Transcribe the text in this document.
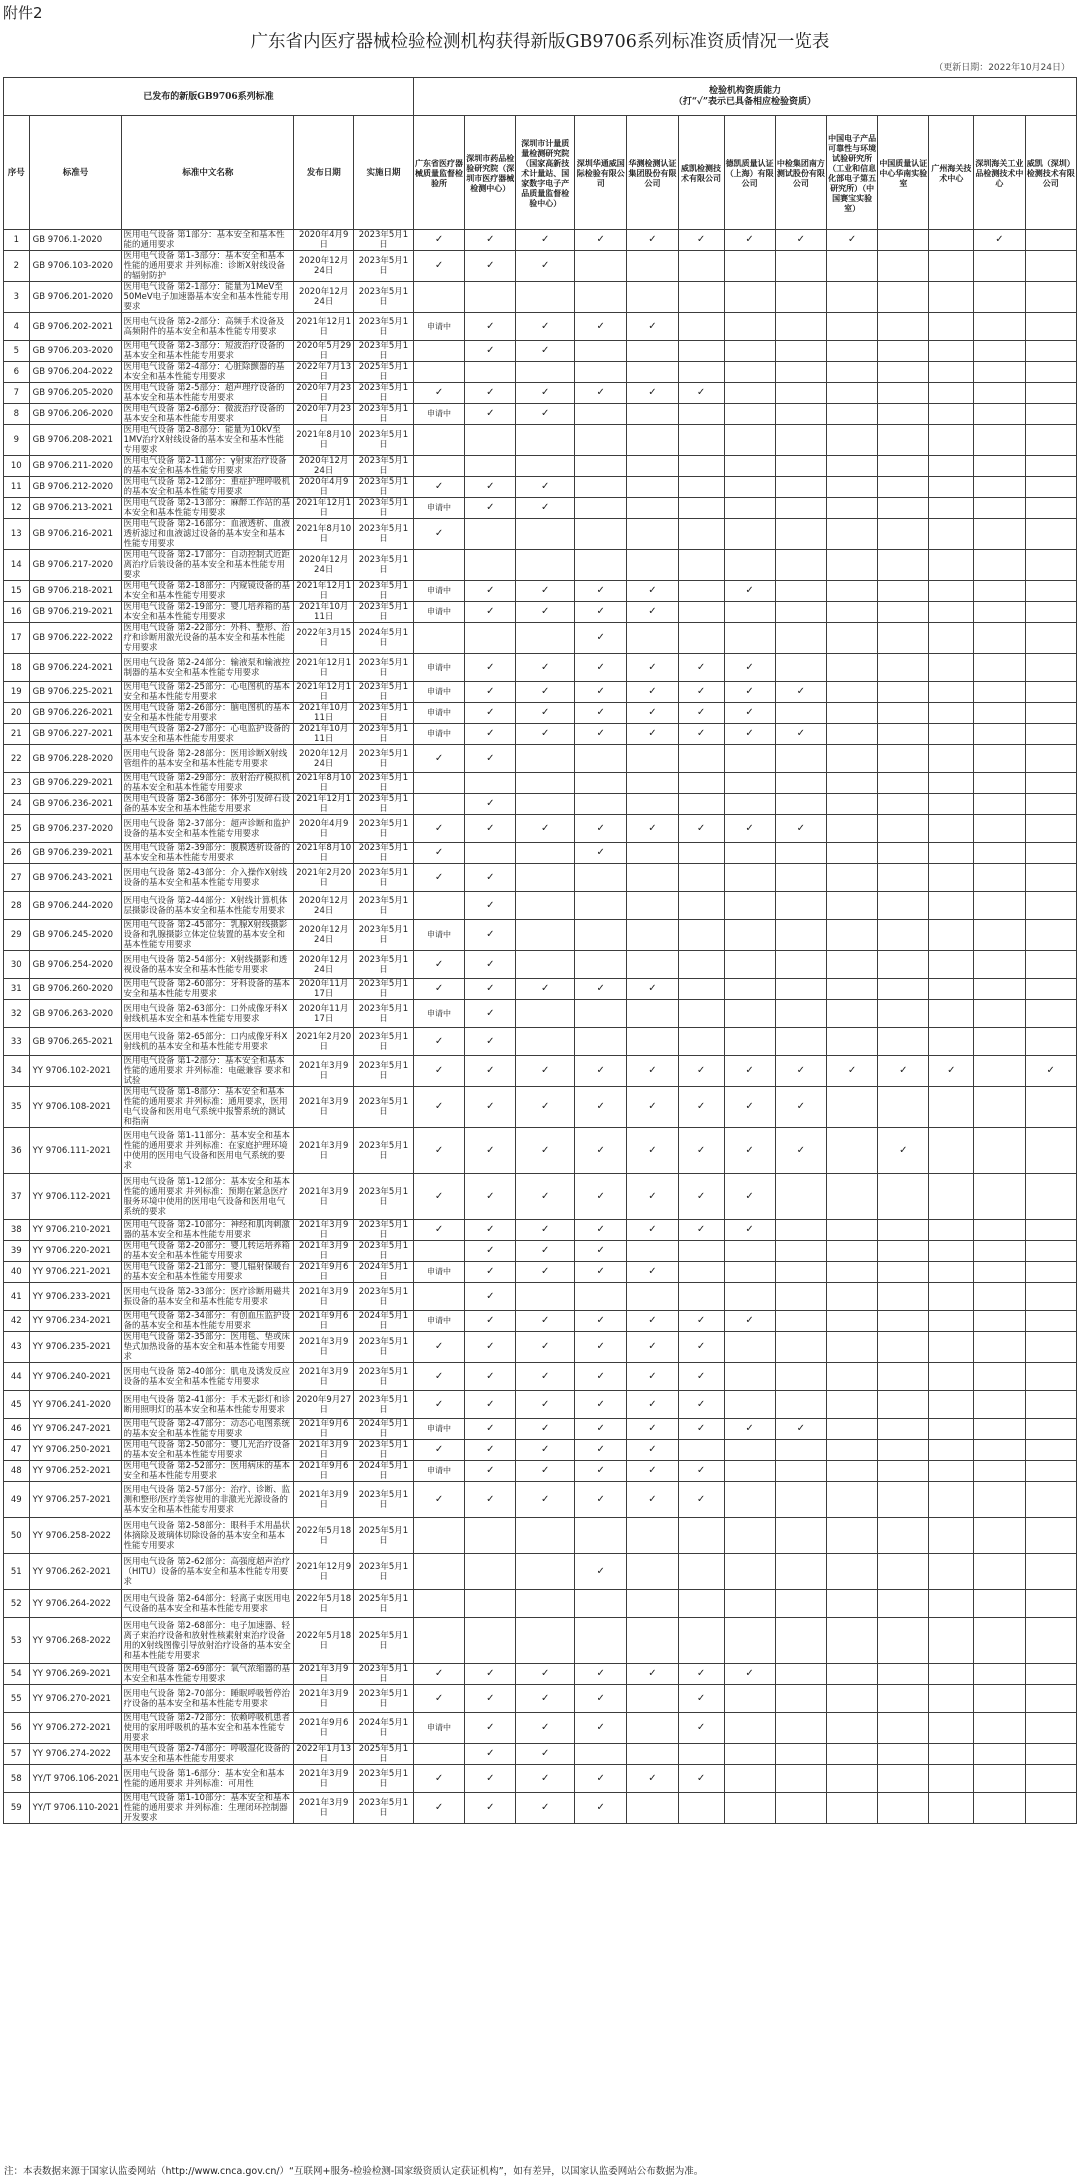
附件2
广东省内医疗器械检验检测机构获得新版GB9706系列标准资质情况一览表
（更新日期：2022年10月24日）
已发布的新版GB9706系列标准					检验机构资质能力
（打“✓”表示已具备相应检验资质）												

序号	标准号	标准中文名称	发布日期	实施日期	广东省医疗器械质量监督检验所	深圳市药品检验研究院（深圳市医疗器械检测中心）	深圳市计量质量检测研究院（国家高新技术计量站、国家数字电子产品质量监督检验中心）	深圳华通威国际检验有限公司	华测检测认证集团股份有限公司	威凯检测技术有限公司	德凯质量认证（上海）有限公司	中检集团南方测试股份有限公司	中国电子产品可靠性与环境试验研究所（工业和信息化部电子第五研究所）（中国赛宝实验室）	中国质量认证中心华南实验室	广州海关技术中心	深圳海关工业品检测技术中心	威凯（深圳）检测技术有限公司
1	GB 9706.1-2020	医用电气设备 第1部分：基本安全和基本性能的通用要求	2020年4月9日	2023年5月1日	✓	✓	✓	✓	✓	✓	✓	✓	✓			✓	
2	GB 9706.103-2020	医用电气设备 第1-3部分：基本安全和基本性能的通用要求 并列标准：诊断X射线设备的辐射防护	2020年12月24日	2023年5月1日	✓	✓	✓										
3	GB 9706.201-2020	医用电气设备 第2-1部分：能量为1MeV至50MeV电子加速器基本安全和基本性能专用要求	2020年12月24日	2023年5月1日													
4	GB 9706.202-2021	医用电气设备 第2-2部分：高频手术设备及高频附件的基本安全和基本性能专用要求	2021年12月1日	2023年5月1日	申请中	✓	✓	✓	✓								
5	GB 9706.203-2020	医用电气设备 第2-3部分：短波治疗设备的基本安全和基本性能专用要求	2020年5月29日	2023年5月1日		✓	✓										
6	GB 9706.204-2022	医用电气设备 第2-4部分：心脏除颤器的基本安全和基本性能专用要求	2022年7月13日	2025年5月1日													
7	GB 9706.205-2020	医用电气设备 第2-5部分：超声理疗设备的基本安全和基本性能专用要求	2020年7月23日	2023年5月1日	✓	✓	✓	✓	✓	✓							
8	GB 9706.206-2020	医用电气设备 第2-6部分：微波治疗设备的基本安全和基本性能专用要求	2020年7月23日	2023年5月1日	申请中	✓	✓										
9	GB 9706.208-2021	医用电气设备 第2-8部分：能量为10kV至1MV治疗X射线设备的基本安全和基本性能专用要求	2021年8月10日	2023年5月1日													
10	GB 9706.211-2020	医用电气设备 第2-11部分：γ射束治疗设备的基本安全和基本性能专用要求	2020年12月24日	2023年5月1日													
11	GB 9706.212-2020	医用电气设备 第2-12部分：重症护理呼吸机的基本安全和基本性能专用要求	2020年4月9日	2023年5月1日	✓	✓	✓										
12	GB 9706.213-2021	医用电气设备 第2-13部分：麻醉工作站的基本安全和基本性能专用要求	2021年12月1日	2023年5月1日	申请中	✓	✓										
13	GB 9706.216-2021	医用电气设备 第2-16部分：血液透析、血液透析滤过和血液滤过设备的基本安全和基本性能专用要求	2021年8月10日	2023年5月1日	✓												
14	GB 9706.217-2020	医用电气设备 第2-17部分：自动控制式近距离治疗后装设备的基本安全和基本性能专用要求	2020年12月24日	2023年5月1日													
15	GB 9706.218-2021	医用电气设备 第2-18部分：内窥镜设备的基本安全和基本性能专用要求	2021年12月1日	2023年5月1日	申请中	✓	✓	✓	✓		✓						
16	GB 9706.219-2021	医用电气设备 第2-19部分：婴儿培养箱的基本安全和基本性能专用要求	2021年10月11日	2023年5月1日	申请中	✓	✓	✓	✓								
17	GB 9706.222-2022	医用电气设备 第2-22部分：外科、整形、治疗和诊断用激光设备的基本安全和基本性能专用要求	2022年3月15日	2024年5月1日				✓									
18	GB 9706.224-2021	医用电气设备 第2-24部分：输液泵和输液控制器的基本安全和基本性能专用要求	2021年12月1日	2023年5月1日	申请中	✓	✓	✓	✓	✓	✓						
19	GB 9706.225-2021	医用电气设备 第2-25部分：心电图机的基本安全和基本性能专用要求	2021年12月1日	2023年5月1日	申请中	✓	✓	✓	✓	✓	✓	✓					
20	GB 9706.226-2021	医用电气设备 第2-26部分：脑电图机的基本安全和基本性能专用要求	2021年10月11日	2023年5月1日	申请中	✓	✓	✓	✓	✓	✓						
21	GB 9706.227-2021	医用电气设备 第2-27部分：心电监护设备的基本安全和基本性能专用要求	2021年10月11日	2023年5月1日	申请中	✓	✓	✓	✓	✓	✓	✓					
22	GB 9706.228-2020	医用电气设备 第2-28部分：医用诊断X射线管组件的基本安全和基本性能专用要求	2020年12月24日	2023年5月1日	✓	✓											
23	GB 9706.229-2021	医用电气设备 第2-29部分：放射治疗模拟机的基本安全和基本性能专用要求	2021年8月10日	2023年5月1日													
24	GB 9706.236-2021	医用电气设备 第2-36部分：体外引发碎石设备的基本安全和基本性能专用要求	2021年12月1日	2023年5月1日		✓											
25	GB 9706.237-2020	医用电气设备 第2-37部分：超声诊断和监护设备的基本安全和基本性能专用要求	2020年4月9日	2023年5月1日	✓	✓	✓	✓	✓	✓	✓	✓					
26	GB 9706.239-2021	医用电气设备 第2-39部分：腹膜透析设备的基本安全和基本性能专用要求	2021年8月10日	2023年5月1日	✓			✓									
27	GB 9706.243-2021	医用电气设备 第2-43部分：介入操作X射线设备的基本安全和基本性能专用要求	2021年2月20日	2023年5月1日	✓	✓											
28	GB 9706.244-2020	医用电气设备 第2-44部分：X射线计算机体层摄影设备的基本安全和基本性能专用要求	2020年12月24日	2023年5月1日		✓											
29	GB 9706.245-2020	医用电气设备 第2-45部分：乳腺X射线摄影设备和乳腺摄影立体定位装置的基本安全和基本性能专用要求	2020年12月24日	2023年5月1日	申请中	✓											
30	GB 9706.254-2020	医用电气设备 第2-54部分：X射线摄影和透视设备的基本安全和基本性能专用要求	2020年12月24日	2023年5月1日	✓	✓											
31	GB 9706.260-2020	医用电气设备 第2-60部分：牙科设备的基本安全和基本性能专用要求	2020年11月17日	2023年5月1日	✓	✓	✓	✓	✓								
32	GB 9706.263-2020	医用电气设备 第2-63部分：口外成像牙科X射线机基本安全和基本性能专用要求	2020年11月17日	2023年5月1日	申请中	✓											
33	GB 9706.265-2021	医用电气设备 第2-65部分：口内成像牙科X射线机的基本安全和基本性能专用要求	2021年2月20日	2023年5月1日	✓	✓											
34	YY 9706.102-2021	医用电气设备 第1-2部分：基本安全和基本性能的通用要求 并列标准：电磁兼容 要求和试验	2021年3月9日	2023年5月1日	✓	✓	✓	✓	✓	✓	✓	✓	✓	✓	✓		✓
35	YY 9706.108-2021	医用电气设备 第1-8部分：基本安全和基本性能的通用要求 并列标准：通用要求，医用电气设备和医用电气系统中报警系统的测试和指南	2021年3月9日	2023年5月1日	✓	✓	✓	✓	✓	✓	✓	✓					
36	YY 9706.111-2021	医用电气设备 第1-11部分：基本安全和基本性能的通用要求 并列标准：在家庭护理环境中使用的医用电气设备和医用电气系统的要求	2021年3月9日	2023年5月1日	✓	✓	✓	✓	✓	✓	✓	✓		✓			
37	YY 9706.112-2021	医用电气设备 第1-12部分：基本安全和基本性能的通用要求 并列标准：预期在紧急医疗服务环境中使用的医用电气设备和医用电气系统的要求	2021年3月9日	2023年5月1日	✓	✓	✓	✓	✓	✓	✓						
38	YY 9706.210-2021	医用电气设备 第2-10部分：神经和肌肉刺激器的基本安全和基本性能专用要求	2021年3月9日	2023年5月1日	✓	✓	✓	✓	✓	✓	✓						
39	YY 9706.220-2021	医用电气设备 第2-20部分：婴儿转运培养箱的基本安全和基本性能专用要求	2021年3月9日	2023年5月1日		✓	✓	✓									
40	YY 9706.221-2021	医用电气设备 第2-21部分：婴儿辐射保暖台的基本安全和基本性能专用要求	2021年9月6日	2024年5月1日	申请中	✓	✓	✓	✓								
41	YY 9706.233-2021	医用电气设备 第2-33部分：医疗诊断用磁共振设备的基本安全和基本性能专用要求	2021年3月9日	2023年5月1日		✓											
42	YY 9706.234-2021	医用电气设备 第2-34部分：有创血压监护设备的基本安全和基本性能专用要求	2021年9月6日	2024年5月1日	申请中	✓	✓	✓	✓	✓	✓						
43	YY 9706.235-2021	医用电气设备 第2-35部分：医用毯、垫或床垫式加热设备的基本安全和基本性能专用要求	2021年3月9日	2023年5月1日	✓	✓	✓	✓	✓	✓							
44	YY 9706.240-2021	医用电气设备 第2-40部分：肌电及诱发反应设备的基本安全和基本性能专用要求	2021年3月9日	2023年5月1日	✓	✓	✓	✓	✓	✓							
45	YY 9706.241-2020	医用电气设备 第2-41部分：手术无影灯和诊断用照明灯的基本安全和基本性能专用要求	2020年9月27日	2023年5月1日	✓	✓	✓	✓	✓	✓							
46	YY 9706.247-2021	医用电气设备 第2-47部分：动态心电图系统的基本安全和基本性能专用要求	2021年9月6日	2024年5月1日	申请中	✓	✓	✓	✓	✓	✓	✓					
47	YY 9706.250-2021	医用电气设备 第2-50部分：婴儿光治疗设备的基本安全和基本性能专用要求	2021年3月9日	2023年5月1日	✓	✓	✓	✓	✓								
48	YY 9706.252-2021	医用电气设备 第2-52部分：医用病床的基本安全和基本性能专用要求	2021年9月6日	2024年5月1日	申请中	✓	✓	✓	✓	✓							
49	YY 9706.257-2021	医用电气设备 第2-57部分：治疗、诊断、监测和整形/医疗美容使用的非激光光源设备的基本安全和基本性能专用要求	2021年3月9日	2023年5月1日	✓	✓	✓	✓	✓	✓							
50	YY 9706.258-2022	医用电气设备 第2-58部分：眼科手术用晶状体摘除及玻璃体切除设备的基本安全和基本性能专用要求	2022年5月18日	2025年5月1日													
51	YY 9706.262-2021	医用电气设备 第2-62部分：高强度超声治疗（HITU）设备的基本安全和基本性能专用要求	2021年12月9日	2023年5月1日				✓									
52	YY 9706.264-2022	医用电气设备 第2-64部分：轻离子束医用电气设备的基本安全和基本性能专用要求	2022年5月18日	2025年5月1日													
53	YY 9706.268-2022	医用电气设备 第2-68部分：电子加速器、轻离子束治疗设备和放射性核素射束治疗设备用的X射线图像引导放射治疗设备的基本安全和基本性能专用要求	2022年5月18日	2025年5月1日													
54	YY 9706.269-2021	医用电气设备 第2-69部分：氧气浓缩器的基本安全和基本性能专用要求	2021年3月9日	2023年5月1日	✓	✓	✓	✓	✓	✓	✓						
55	YY 9706.270-2021	医用电气设备 第2-70部分：睡眠呼吸暂停治疗设备的基本安全和基本性能专用要求	2021年3月9日	2023年5月1日	✓	✓	✓	✓		✓							
56	YY 9706.272-2021	医用电气设备 第2-72部分：依赖呼吸机患者使用的家用呼吸机的基本安全和基本性能专用要求	2021年9月6日	2024年5月1日	申请中	✓	✓	✓		✓							
57	YY 9706.274-2022	医用电气设备 第2-74部分：呼吸湿化设备的基本安全和基本性能专用要求	2022年1月13日	2025年5月1日		✓	✓										
58	YY/T 9706.106-2021	医用电气设备 第1-6部分：基本安全和基本性能的通用要求 并列标准：可用性	2021年3月9日	2023年5月1日	✓	✓	✓	✓	✓	✓							
59	YY/T 9706.110-2021	医用电气设备 第1-10部分：基本安全和基本性能的通用要求 并列标准：生理闭环控制器开发要求	2021年3月9日	2023年5月1日	✓	✓	✓	✓									
注：本表数据来源于国家认监委网站（http://www.cnca.gov.cn/）“互联网+服务-检验检测-国家级资质认定获证机构”，如有差异，以国家认监委网站公布数据为准。
